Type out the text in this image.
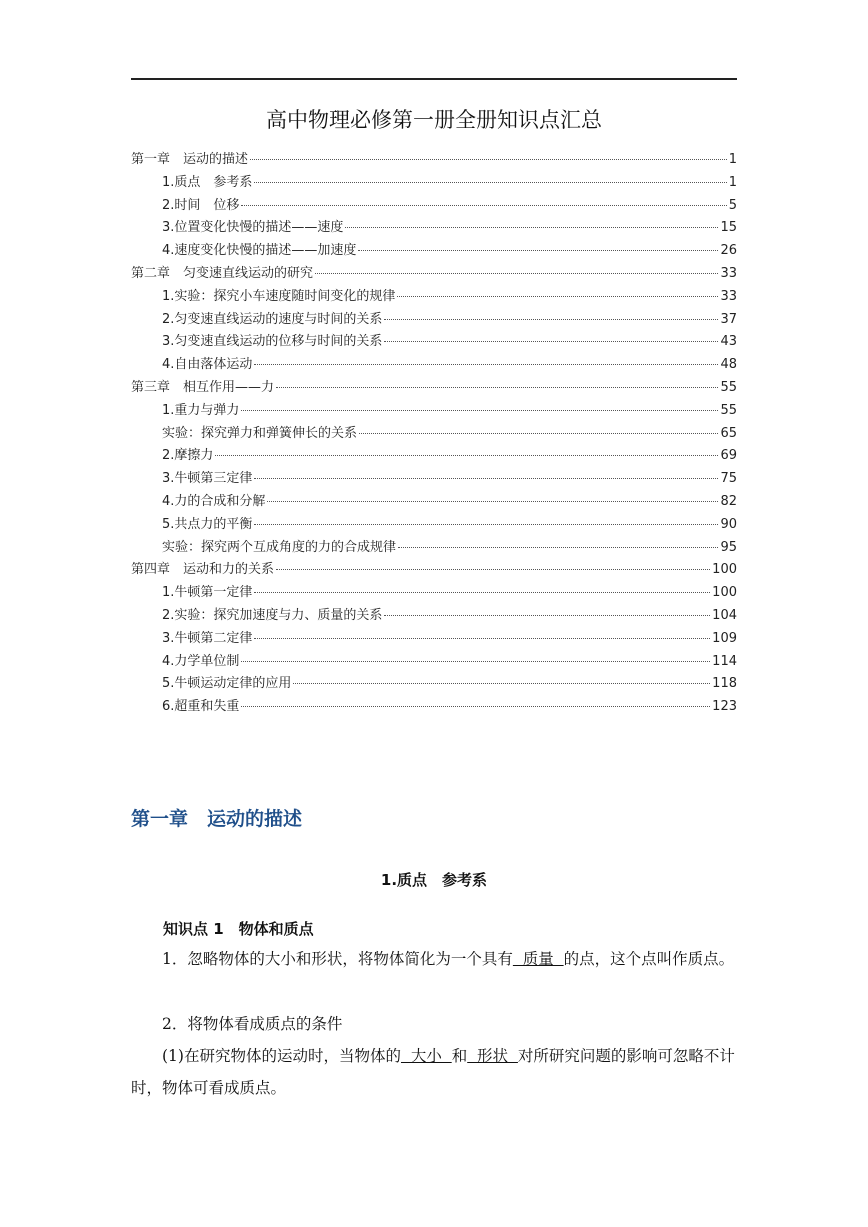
高中物理必修第一册全册知识点汇总
第一章　运动的描述	1
1.质点　参考系	1
2.时间　位移	5
3.位置变化快慢的描述——速度	15
4.速度变化快慢的描述——加速度	26
第二章　匀变速直线运动的研究	33
1.实验：探究小车速度随时间变化的规律	33
2.匀变速直线运动的速度与时间的关系	37
3.匀变速直线运动的位移与时间的关系	43
4.自由落体运动	48
第三章　相互作用——力	55
1.重力与弹力	55
实验：探究弹力和弹簧伸长的关系	65
2.摩擦力	69
3.牛顿第三定律	75
4.力的合成和分解	82
5.共点力的平衡	90
实验：探究两个互成角度的力的合成规律	95
第四章　运动和力的关系	100
1.牛顿第一定律	100
2.实验：探究加速度与力、质量的关系	104
3.牛顿第二定律	109
4.力学单位制	114
5.牛顿运动定律的应用	118
6.超重和失重	123
第一章　运动的描述
1.质点　参考系
知识点 1　物体和质点
1．忽略物体的大小和形状，将物体简化为一个具有  质量  的点，这个点叫作质点。
2．将物体看成质点的条件
(1)在研究物体的运动时，当物体的  大小  和  形状  对所研究问题的影响可忽略不计时，物体可看成质点。
